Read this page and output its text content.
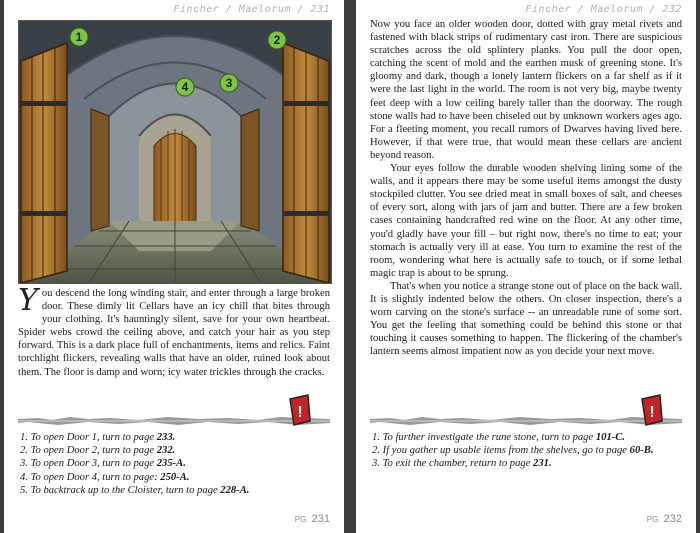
Fincher / Maelorum / 231
1	2
3
4

You descend the long winding stair, and enter through a large broken door. These dimly lit Cellars have an icy chill that bites through your clothing. It's hauntingly silent, save for your own heartbeat. Spider webs crowd the ceiling above, and catch your hair as you step forward. This is a dark place full of enchantments, items and relics. Faint torchlight flickers, revealing walls that have an older, ruined look about them. The floor is damp and worn; icy water trickles through the cracks.

!
1. To open Door 1, turn to page 233.
2. To open Door 2, turn to page 232.
3. To open Door 3, turn to page 235-A.
4. To open Door 4, turn to page: 250-A.
5. To backtrack up to the Cloister, turn to page 228-A.
PG. 231
Fincher / Maelorum / 232

Now you face an older wooden door, dotted with gray metal rivets and fastened with black strips of rudimentary cast iron. There are suspicious scratches across the old splintery planks. You pull the door open, catching the scent of mold and the earthen musk of greening stone. It's gloomy and dark, though a lonely lantern flickers on a far shelf as if it were the last light in the world. The room is not very big, maybe twenty feet deep with a low ceiling barely taller than the doorway. The rough stone walls had to have been chiseled out by unknown workers ages ago. For a fleeting moment, you recall rumors of Dwarves having lived here. However, if that were true, that would mean these cellars are ancient beyond reason.

Your eyes follow the durable wooden shelving lining some of the walls, and it appears there may be some useful items amongst the dusty stockpiled clutter. You see dried meat in small boxes of salt, and cheeses of every sort, along with jars of jam and butter. There are a few broken cases containing handcrafted red wine on the floor. At any other time, you'd gladly have your fill – but right now, there's no time to eat; your stomach is actually very ill at ease. You turn to examine the rest of the room, wondering what here is actually safe to touch, or if some lethal magic trap is about to be sprung.

That's when you notice a strange stone out of place on the back wall. It is slightly indented below the others. On closer inspection, there's a worn carving on the stone's surface -- an unreadable rune of some sort. You get the feeling that something could be behind this stone or that touching it causes something to happen. The flickering of the chamber's lantern seems almost impatient now as you decide your next move.

!
1. To further investigate the rune stone, turn to page 101-C.
2. If you gather up usable items from the shelves, go to page 60-B.
3. To exit the chamber, return to page 231.
PG. 232
